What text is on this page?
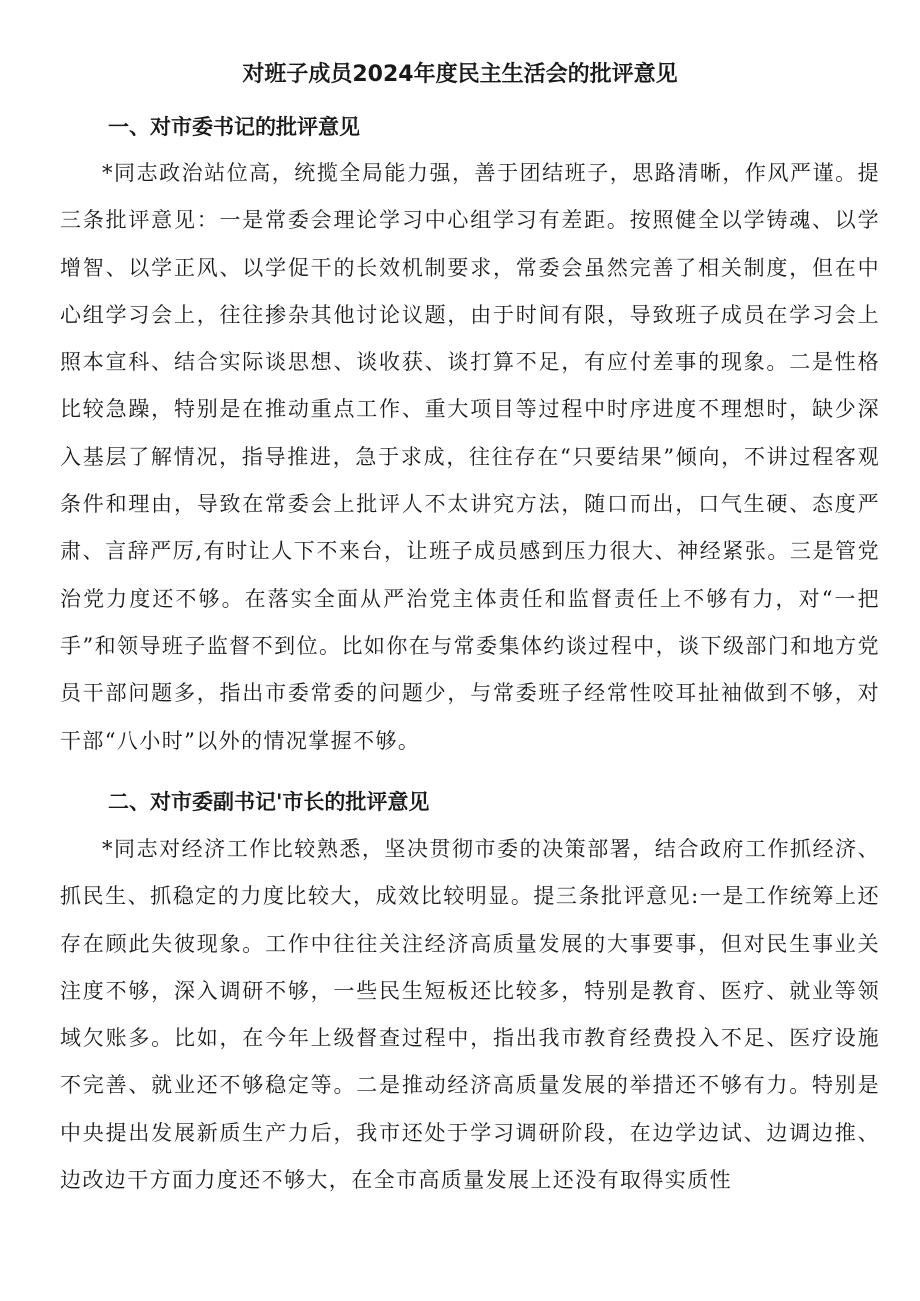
对班子成员2024年度民主生活会的批评意见
一、对市委书记的批评意见

*同志政治站位高，统揽全局能力强，善于团结班子，思路清晰，作风严谨。提三条批评意见：一是常委会理论学习中心组学习有差距。按照健全以学铸魂、以学增智、以学正风、以学促干的长效机制要求，常委会虽然完善了相关制度，但在中心组学习会上，往往掺杂其他讨论议题，由于时间有限，导致班子成员在学习会上照本宣科、结合实际谈思想、谈收获、谈打算不足，有应付差事的现象。二是性格比较急躁，特别是在推动重点工作、重大项目等过程中时序进度不理想时，缺少深入基层了解情况，指导推进，急于求成，往往存在“只要结果”倾向，不讲过程客观条件和理由，导致在常委会上批评人不太讲究方法，随口而出，口气生硬、态度严肃、言辞严厉,有时让人下不来台，让班子成员感到压力很大、神经紧张。三是管党治党力度还不够。在落实全面从严治党主体责任和监督责任上不够有力，对“一把手”和领导班子监督不到位。比如你在与常委集体约谈过程中，谈下级部门和地方党员干部问题多，指出市委常委的问题少，与常委班子经常性咬耳扯袖做到不够，对干部“八小时”以外的情况掌握不够。

二、对市委副书记'市长的批评意见

*同志对经济工作比较熟悉，坚决贯彻市委的决策部署，结合政府工作抓经济、抓民生、抓稳定的力度比较大，成效比较明显。提三条批评意见:一是工作统筹上还存在顾此失彼现象。工作中往往关注经济高质量发展的大事要事，但对民生事业关注度不够，深入调研不够，一些民生短板还比较多，特别是教育、医疗、就业等领域欠账多。比如，在今年上级督查过程中，指出我市教育经费投入不足、医疗设施不完善、就业还不够稳定等。二是推动经济高质量发展的举措还不够有力。特别是中央提出发展新质生产力后，我市还处于学习调研阶段，在边学边试、边调边推、边改边干方面力度还不够大，在全市高质量发展上还没有取得实质性
